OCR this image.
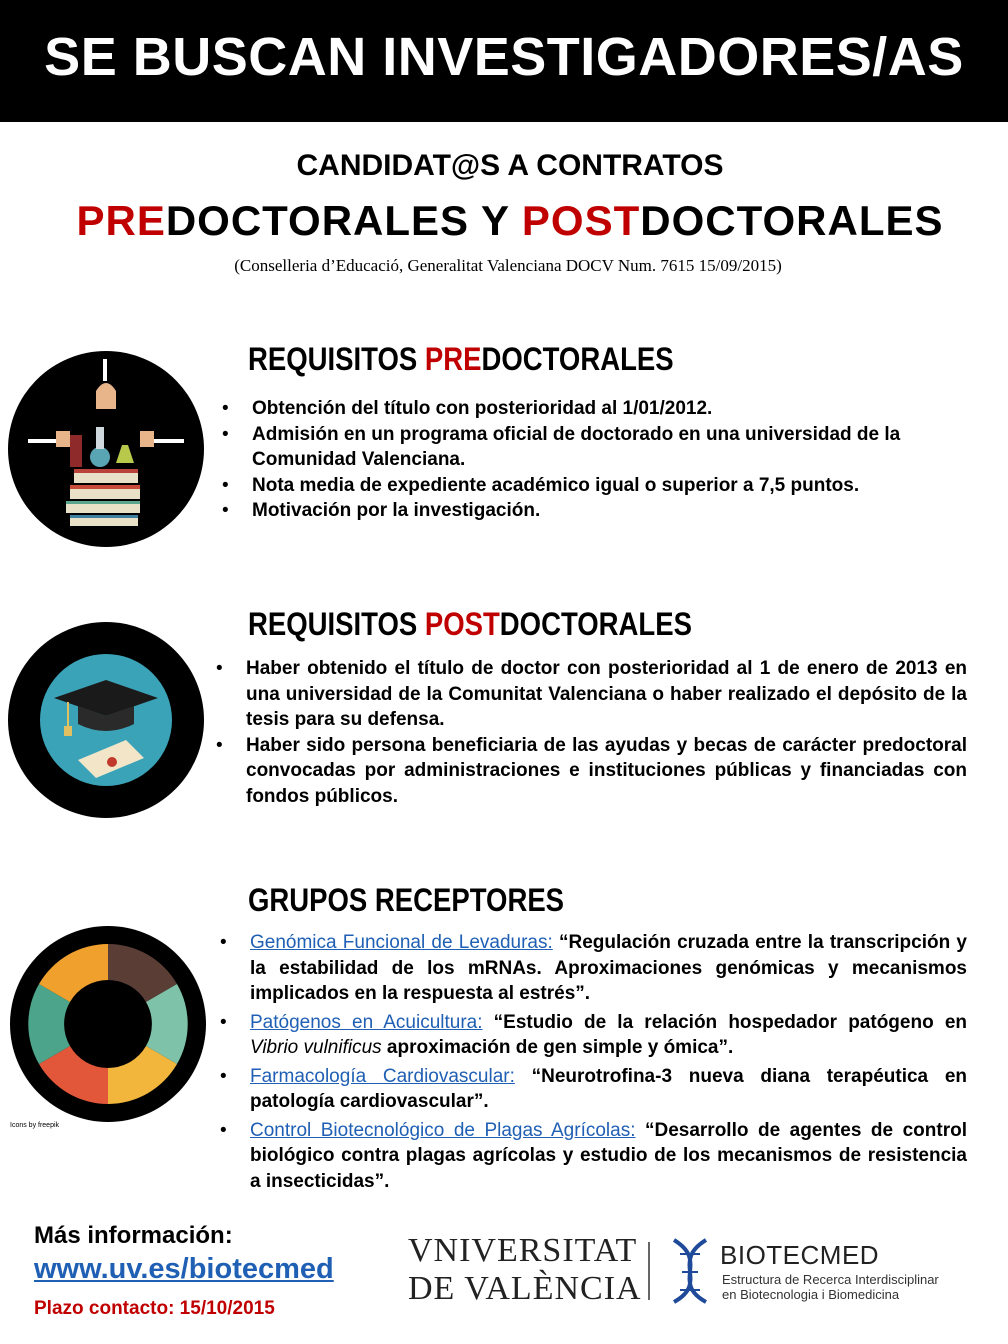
SE BUSCAN INVESTIGADORES/AS
CANDIDAT@S A CONTRATOS
PREDOCTORALES Y POSTDOCTORALES
(Conselleria d’Educació, Generalitat Valenciana DOCV Num. 7615 15/09/2015)
REQUISITOS PREDOCTORALES
• Obtención del título con posterioridad al 1/01/2012.
• Admisión en un programa oficial de doctorado en una universidad de la Comunidad Valenciana.
• Nota media de expediente académico igual o superior a 7,5 puntos.
• Motivación por la investigación.
REQUISITOS POSTDOCTORALES
• Haber obtenido el título de doctor con posterioridad al 1 de enero de 2013 en una universidad de la Comunitat Valenciana o haber realizado el depósito de la tesis para su defensa.
• Haber sido persona beneficiaria de las ayudas y becas de carácter predoctoral convocadas por administraciones e instituciones públicas y financiadas con fondos públicos.
Icons by freepik
GRUPOS RECEPTORES
• Genómica Funcional de Levaduras: “Regulación cruzada entre la transcripción y la estabilidad de los mRNAs. Aproximaciones genómicas y mecanismos implicados en la respuesta al estrés”.
• Patógenos en Acuicultura: “Estudio de la relación hospedador patógeno en Vibrio vulnificus aproximación de gen simple y ómica”.
• Farmacología Cardiovascular: “Neurotrofina-3 nueva diana terapéutica en patología cardiovascular”.
• Control Biotecnológico de Plagas Agrícolas: “Desarrollo de agentes de control biológico contra plagas agrícolas y estudio de los mecanismos de resistencia a insecticidas”.
Más información:
www.uv.es/biotecmed
Plazo contacto: 15/10/2015
VNIVERSITAT
DE VALÈNCIA
BIOTECMED
Estructura de Recerca Interdisciplinar
en Biotecnologia i Biomedicina
